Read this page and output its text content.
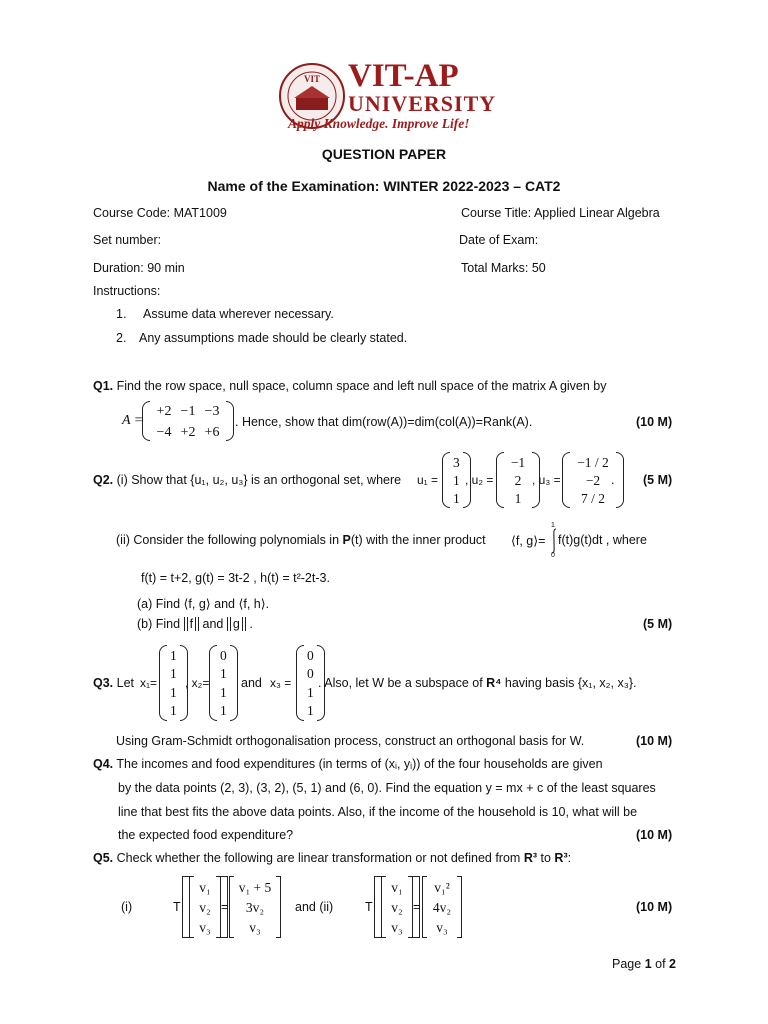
VIT VIT-AP
UNIVERSITY
Apply Knowledge. Improve Life!
QUESTION PAPER
Name of the Examination: WINTER 2022-2023 – CAT2
Course Code: MAT1009	Course Title: Applied Linear Algebra
Set number:	Date of Exam:
Duration: 90 min	Total Marks: 50
Instructions:
1. Assume data wherever necessary.
2. Any assumptions made should be clearly stated.
Q1. Find the row space, null space, column space and left null space of the matrix A given by
A =
+2 −1 −3
−4 +2 +6
. Hence, show that dim(row(A))=dim(col(A))=Rank(A).	(10 M)
Q2. (i) Show that {u₁, u₂, u₃} is an orthogonal set, where u₁ =
3
1
1
, u₂ =
−1
2
1
, u₃ =
−1 / 2
−2
7 / 2
. (5 M)
(ii) Consider the following polynomials in P(t) with the inner product ⟨f, g⟩=
1
0
f(t)g(t)dt , where
f(t) = t+2, g(t) = 3t-2 , h(t) = t²-2t-3.
(a) Find ⟨f, g⟩ and ⟨f, h⟩.
(b) Find f and g .	(5 M)
Q3. Let x₁=
1
1
1
1
, x₂=
0
1
1
1
and x₃ =
0
0
1
1
. Also, let W be a subspace of R⁴ having basis {x₁, x₂, x₃}.
Using Gram-Schmidt orthogonalisation process, construct an orthogonal basis for W.	(10 M)
Q4. The incomes and food expenditures (in terms of (xᵢ, yᵢ)) of the four households are given
by the data points (2, 3), (3, 2), (5, 1) and (6, 0). Find the equation y = mx + c of the least squares
line that best fits the above data points. Also, if the income of the household is 10, what will be
the expected food expenditure?	(10 M)
Q5. Check whether the following are linear transformation or not defined from R³ to R³:
(i)	T
v₁
v₂
v₃
=
v₁ + 5
3v₂
v₃
and (ii)	T
v₁
v₂
v₃
=
v₁²
4v₂
v₃
(10 M)
Page 1 of 2
